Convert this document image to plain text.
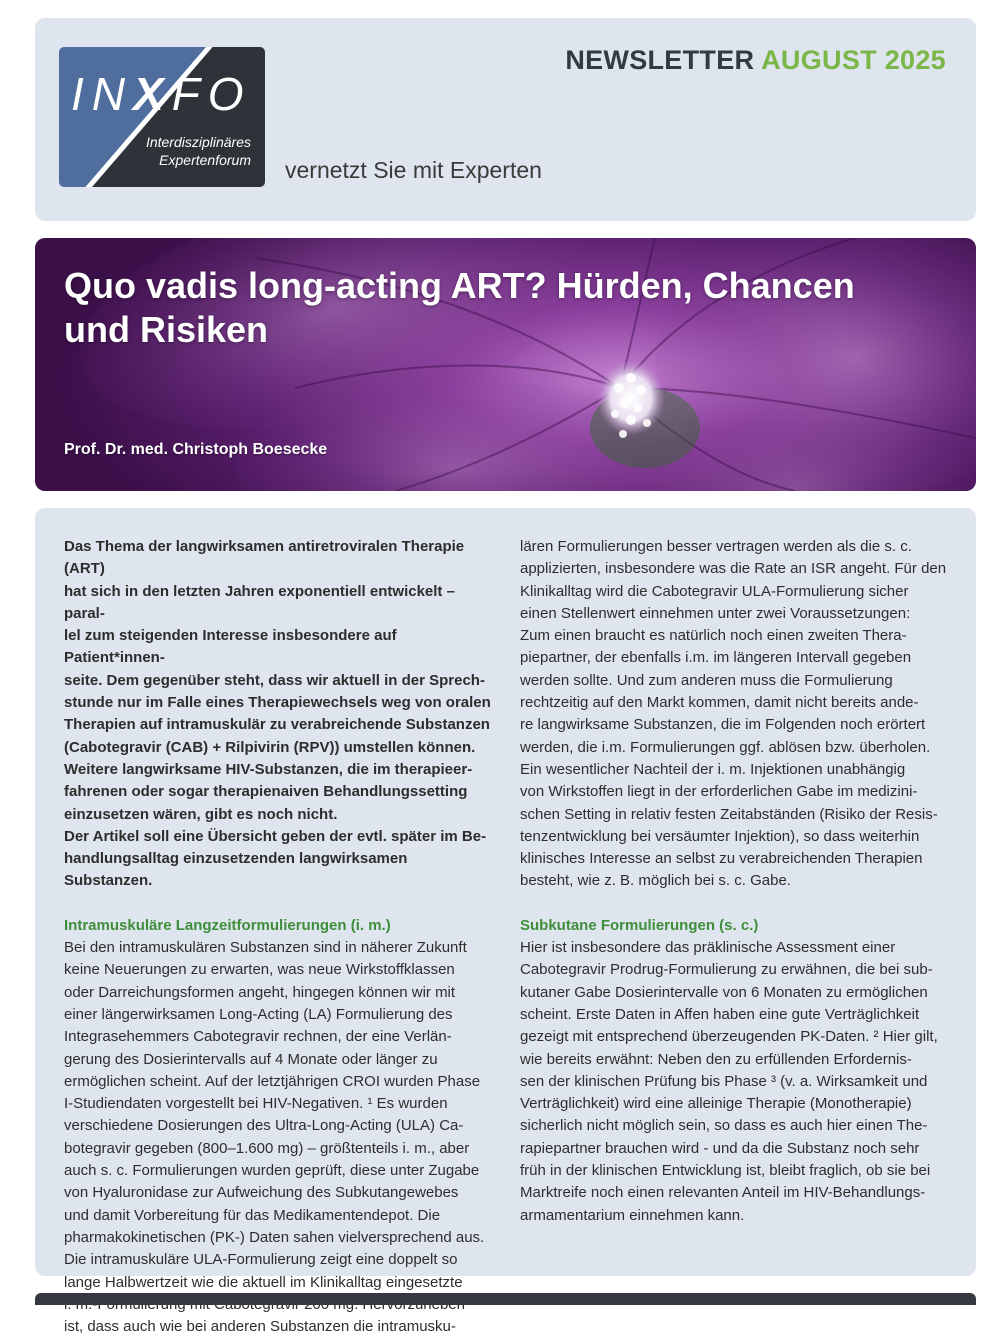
INXFO
Interdisziplinäres
Expertenforum vernetzt Sie mit Experten
NEWSLETTER AUGUST 2025
Quo vadis long-acting ART? Hürden, Chancen und Risiken
Prof. Dr. med. Christoph Boesecke
Das Thema der langwirksamen antiretroviralen Therapie (ART)
hat sich in den letzten Jahren exponentiell entwickelt – paral-
lel zum steigenden Interesse insbesondere auf Patient*innen-
seite. Dem gegenüber steht, dass wir aktuell in der Sprech-
stunde nur im Falle eines Therapiewechsels weg von oralen
Therapien auf intramuskulär zu verabreichende Substanzen
(Cabotegravir (CAB) + Rilpivirin (RPV)) umstellen können.
Weitere langwirksame HIV-Substanzen, die im therapieer-
fahrenen oder sogar therapienaiven Behandlungssetting
einzusetzen wären, gibt es noch nicht.
Der Artikel soll eine Übersicht geben der evtl. später im Be-
handlungsalltag einzusetzenden langwirksamen Substanzen.

Intramuskuläre Langzeitformulierungen (i. m.)

Bei den intramuskulären Substanzen sind in näherer Zukunft
keine Neuerungen zu erwarten, was neue Wirkstoffklassen
oder Darreichungsformen angeht, hingegen können wir mit
einer längerwirksamen Long-Acting (LA) Formulierung des
Integrasehemmers Cabotegravir rechnen, der eine Verlän-
gerung des Dosierintervalls auf 4 Monate oder länger zu
ermöglichen scheint. Auf der letztjährigen CROI wurden Phase
I-Studiendaten vorgestellt bei HIV-Negativen. ¹ Es wurden
verschiedene Dosierungen des Ultra-Long-Acting (ULA) Ca-
botegravir gegeben (800–1.600 mg) – größtenteils i. m., aber
auch s. c. Formulierungen wurden geprüft, diese unter Zugabe
von Hyaluronidase zur Aufweichung des Subkutangewebes
und damit Vorbereitung für das Medikamentendepot. Die
pharmakokinetischen (PK-) Daten sahen vielversprechend aus.
Die intramuskuläre ULA-Formulierung zeigt eine doppelt so
lange Halbwertzeit wie die aktuell im Klinikalltag eingesetzte
ist, dass auch wie bei anderen Substanzen die intramusku-
lären Formulierungen besser vertragen werden als die s. c.
applizierten, insbesondere was die Rate an ISR angeht. Für den
Klinikalltag wird die Cabotegravir ULA-Formulierung sicher
einen Stellenwert einnehmen unter zwei Voraussetzungen:
Zum einen braucht es natürlich noch einen zweiten Thera-
piepartner, der ebenfalls i.m. im längeren Intervall gegeben
werden sollte. Und zum anderen muss die Formulierung
rechtzeitig auf den Markt kommen, damit nicht bereits ande-
re langwirksame Substanzen, die im Folgenden noch erörtert
werden, die i.m. Formulierungen ggf. ablösen bzw. überholen.
Ein wesentlicher Nachteil der i. m. Injektionen unabhängig
von Wirkstoffen liegt in der erforderlichen Gabe im medizini-
schen Setting in relativ festen Zeitabständen (Risiko der Resis-
tenzentwicklung bei versäumter Injektion), so dass weiterhin
klinisches Interesse an selbst zu verabreichenden Therapien
besteht, wie z. B. möglich bei s. c. Gabe.

Subkutane Formulierungen (s. c.)

Hier ist insbesondere das präklinische Assessment einer
Cabotegravir Prodrug-Formulierung zu erwähnen, die bei sub-
kutaner Gabe Dosierintervalle von 6 Monaten zu ermöglichen
scheint. Erste Daten in Affen haben eine gute Verträglichkeit
gezeigt mit entsprechend überzeugenden PK-Daten. ² Hier gilt,
wie bereits erwähnt: Neben den zu erfüllenden Erfordernis-
sen der klinischen Prüfung bis Phase ³ (v. a. Wirksamkeit und
Verträglichkeit) wird eine alleinige Therapie (Monotherapie)
sicherlich nicht möglich sein, so dass es auch hier einen The-
rapiepartner brauchen wird - und da die Substanz noch sehr
früh in der klinischen Entwicklung ist, bleibt fraglich, ob sie bei
Marktreife noch einen relevanten Anteil im HIV-Behandlungs-
armamentarium einnehmen kann.
